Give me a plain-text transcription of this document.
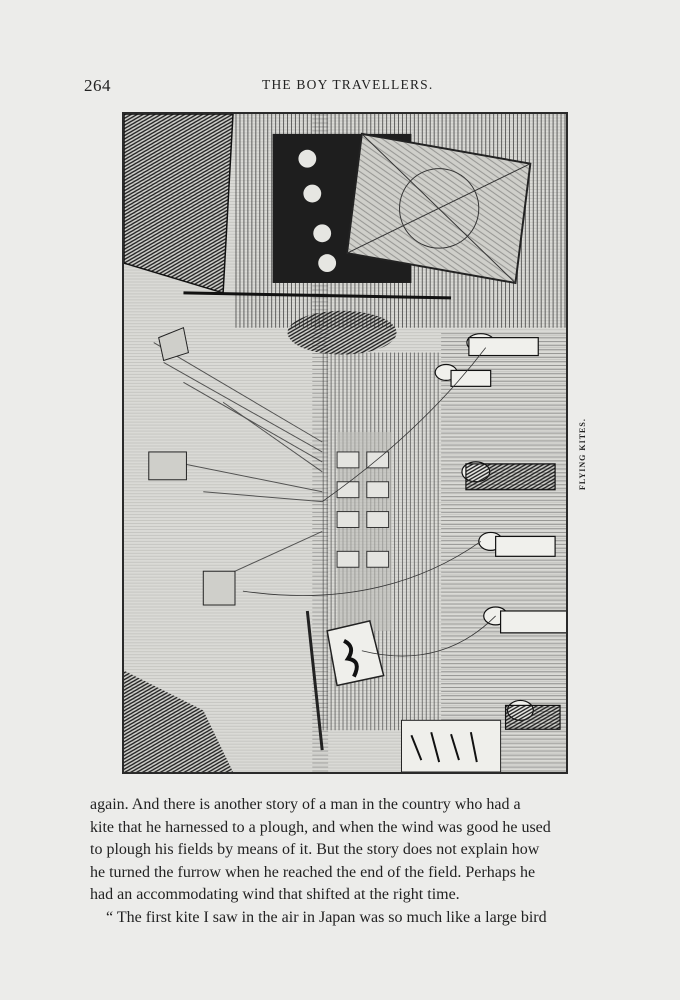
264	THE BOY TRAVELLERS.
FLYING KITES.

again. And there is another story of a man in the country who had a

kite that he harnessed to a plough, and when the wind was good he used

to plough his fields by means of it. But the story does not explain how

he turned the furrow when he reached the end of the field. Perhaps he

had an accommodating wind that shifted at the right time.

“ The first kite I saw in the air in Japan was so much like a large bird
